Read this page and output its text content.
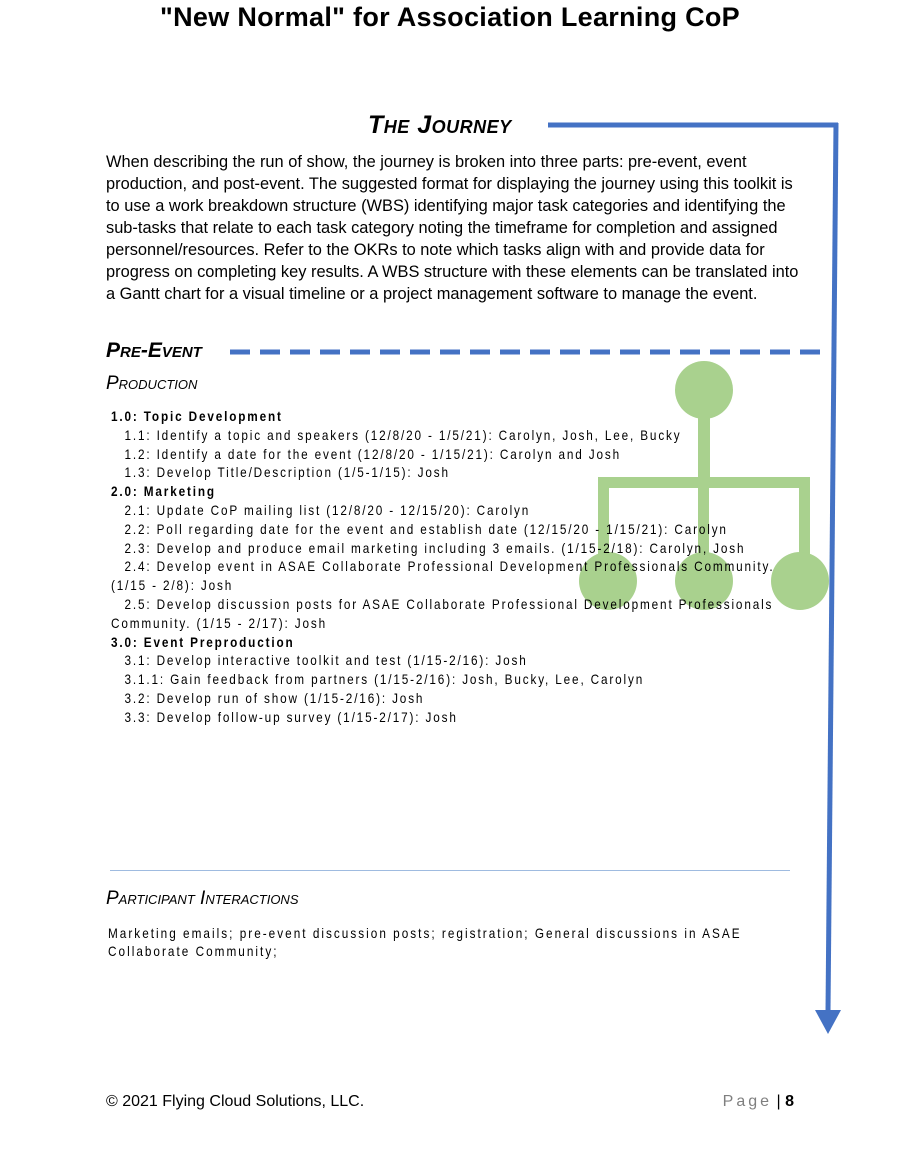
"New Normal" for Association Learning CoP
The Journey
When describing the run of show, the journey is broken into three parts: pre-event, event production, and post-event. The suggested format for displaying the journey using this toolkit is to use a work breakdown structure (WBS) identifying major task categories and identifying the sub-tasks that relate to each task category noting the timeframe for completion and assigned personnel/resources. Refer to the OKRs to note which tasks align with and provide data for progress on completing key results. A WBS structure with these elements can be translated into a Gantt chart for a visual timeline or a project management software to manage the event.
Pre-Event
Production
1.0: Topic Development
1.1: Identify a topic and speakers (12/8/20 - 1/5/21): Carolyn, Josh, Lee, Bucky
1.2: Identify a date for the event (12/8/20 - 1/15/21): Carolyn and Josh
1.3: Develop Title/Description (1/5-1/15): Josh
2.0: Marketing
2.1: Update CoP mailing list (12/8/20 - 12/15/20): Carolyn
2.2: Poll regarding date for the event and establish date (12/15/20 - 1/15/21): Carolyn
2.3: Develop and produce email marketing including 3 emails. (1/15-2/18): Carolyn, Josh
2.4: Develop event in ASAE Collaborate Professional Development Professionals Community. (1/15 - 2/8): Josh
2.5: Develop discussion posts for ASAE Collaborate Professional Development Professionals Community. (1/15 - 2/17): Josh
3.0: Event Preproduction
3.1: Develop interactive toolkit and test (1/15-2/16): Josh
3.1.1: Gain feedback from partners (1/15-2/16): Josh, Bucky, Lee, Carolyn
3.2: Develop run of show (1/15-2/16): Josh
3.3: Develop follow-up survey (1/15-2/17): Josh
Participant Interactions
Marketing emails; pre-event discussion posts; registration; General discussions in ASAE Collaborate Community;
© 2021 Flying Cloud Solutions, LLC.	Page | 8
